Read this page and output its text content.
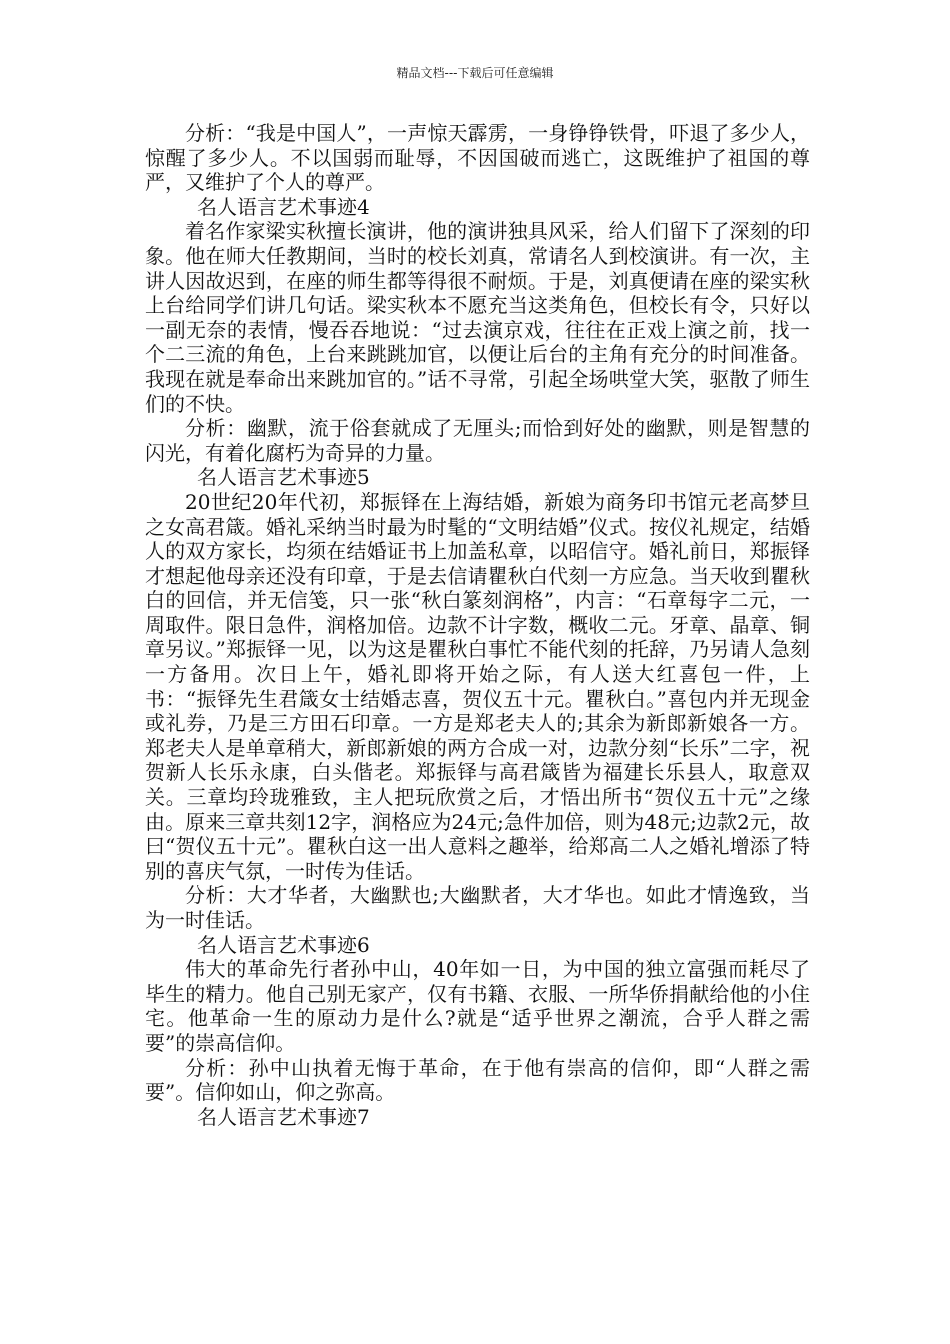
精品文档---下载后可任意编辑

分析：“我是中国人”，一声惊天霹雳，一身铮铮铁骨，吓退了多少人，惊醒了多少人。不以国弱而耻辱，不因国破而逃亡，这既维护了祖国的尊严，又维护了个人的尊严。

名人语言艺术事迹4

着名作家梁实秋擅长演讲，他的演讲独具风采，给人们留下了深刻的印象。他在师大任教期间，当时的校长刘真，常请名人到校演讲。有一次，主讲人因故迟到，在座的师生都等得很不耐烦。于是，刘真便请在座的梁实秋上台给同学们讲几句话。梁实秋本不愿充当这类角色，但校长有令，只好以一副无奈的表情，慢吞吞地说：“过去演京戏，往往在正戏上演之前，找一个二三流的角色，上台来跳跳加官，以便让后台的主角有充分的时间准备。我现在就是奉命出来跳加官的。”话不寻常，引起全场哄堂大笑，驱散了师生们的不快。

分析：幽默，流于俗套就成了无厘头;而恰到好处的幽默，则是智慧的闪光，有着化腐朽为奇异的力量。

名人语言艺术事迹5

20世纪20年代初，郑振铎在上海结婚，新娘为商务印书馆元老高梦旦之女高君箴。婚礼采纳当时最为时髦的“文明结婚”仪式。按仪礼规定，结婚人的双方家长，均须在结婚证书上加盖私章，以昭信守。婚礼前日，郑振铎才想起他母亲还没有印章，于是去信请瞿秋白代刻一方应急。当天收到瞿秋白的回信，并无信笺，只一张“秋白篆刻润格”，内言：“石章每字二元，一周取件。限日急件，润格加倍。边款不计字数，概收二元。牙章、晶章、铜章另议。”郑振铎一见，以为这是瞿秋白事忙不能代刻的托辞，乃另请人急刻一方备用。次日上午，婚礼即将开始之际，有人送大红喜包一件，上书：“振铎先生君箴女士结婚志喜，贺仪五十元。瞿秋白。”喜包内并无现金或礼券，乃是三方田石印章。一方是郑老夫人的;其余为新郎新娘各一方。郑老夫人是单章稍大，新郎新娘的两方合成一对，边款分刻“长乐”二字，祝贺新人长乐永康，白头偕老。郑振铎与高君箴皆为福建长乐县人，取意双关。三章均玲珑雅致，主人把玩欣赏之后，才悟出所书“贺仪五十元”之缘由。原来三章共刻12字，润格应为24元;急件加倍，则为48元;边款2元，故曰“贺仪五十元”。瞿秋白这一出人意料之趣举，给郑高二人之婚礼增添了特别的喜庆气氛，一时传为佳话。

分析：大才华者，大幽默也;大幽默者，大才华也。如此才情逸致，当为一时佳话。

名人语言艺术事迹6

伟大的革命先行者孙中山，40年如一日，为中国的独立富强而耗尽了毕生的精力。他自己别无家产，仅有书籍、衣服、一所华侨捐献给他的小住宅。他革命一生的原动力是什么?就是“适乎世界之潮流，合乎人群之需要”的崇高信仰。

分析：孙中山执着无悔于革命，在于他有崇高的信仰，即“人群之需要”。信仰如山，仰之弥高。

名人语言艺术事迹7
